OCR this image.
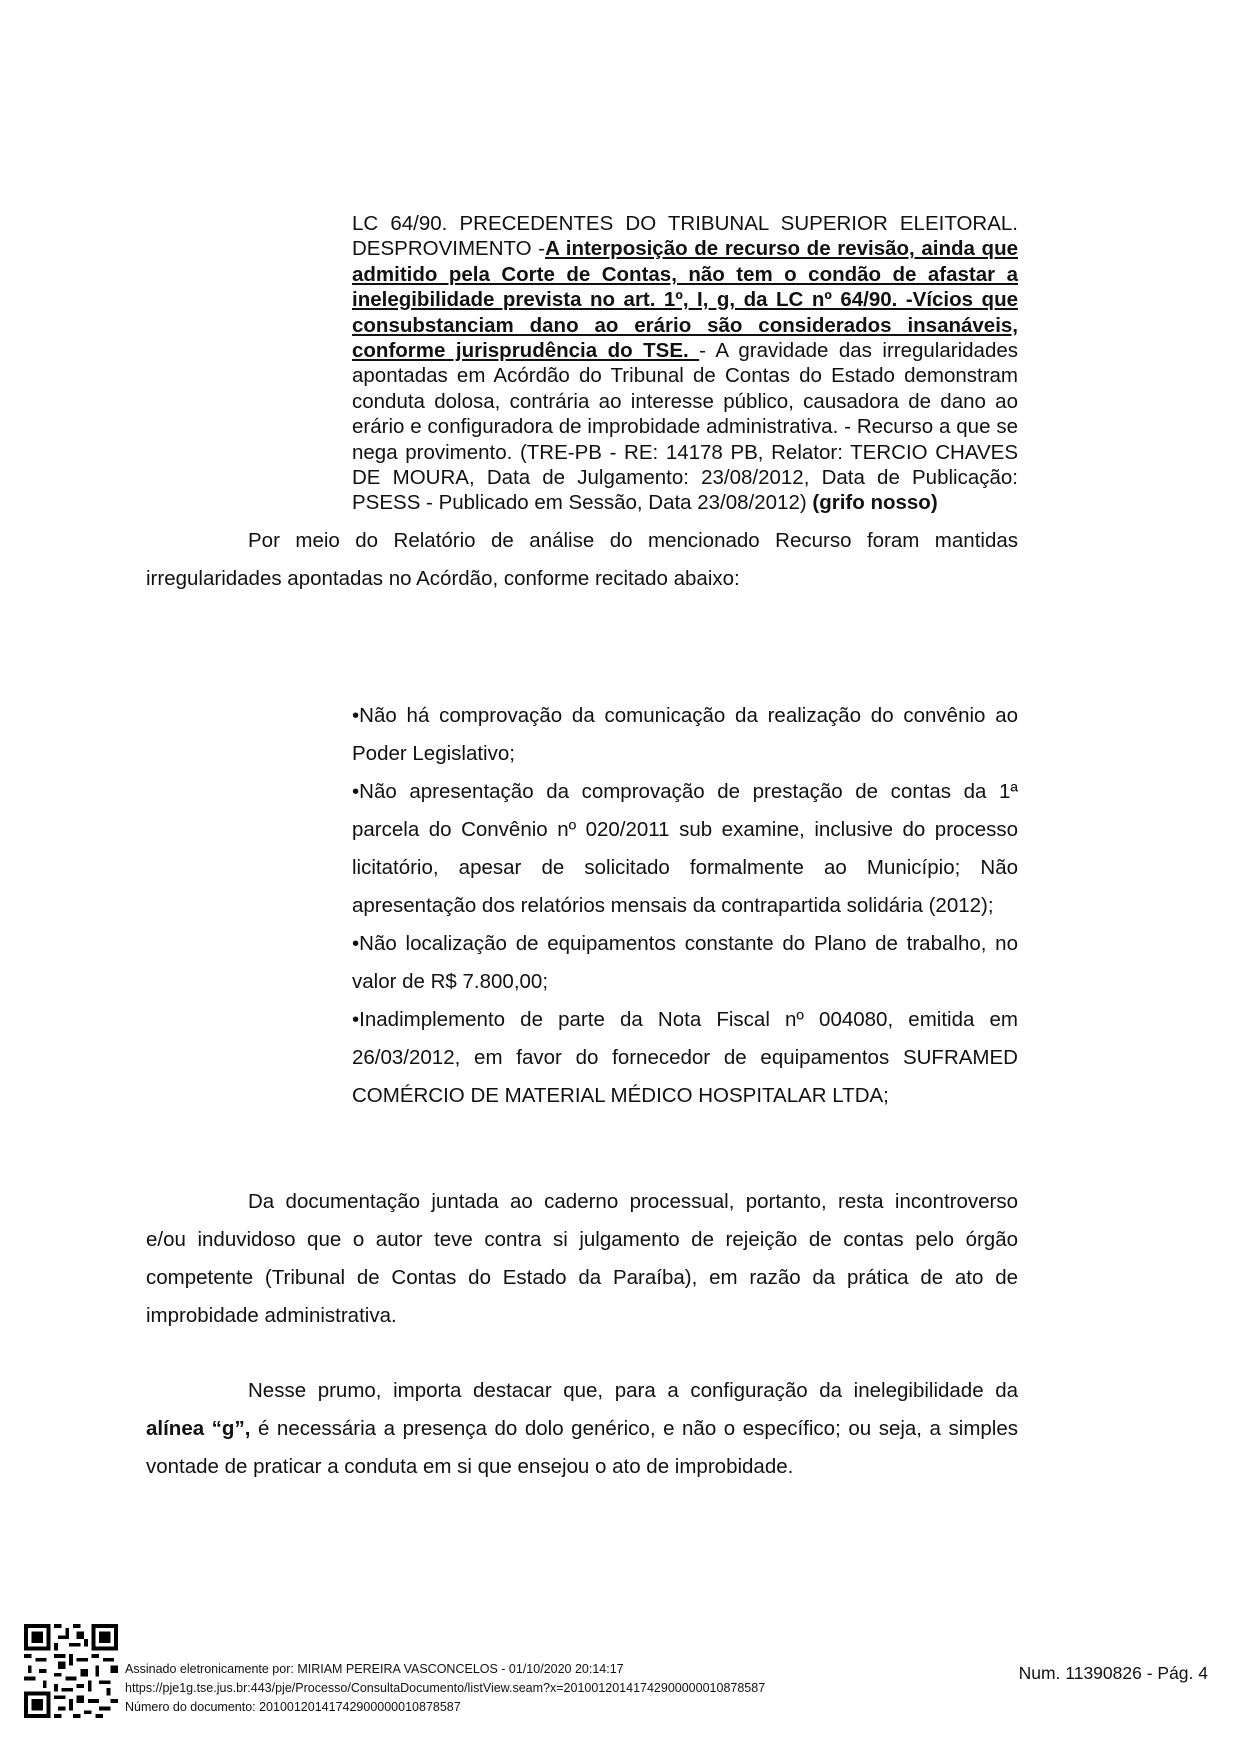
LC 64/90. PRECEDENTES DO TRIBUNAL SUPERIOR ELEITORAL. DESPROVIMENTO -A interposição de recurso de revisão, ainda que admitido pela Corte de Contas, não tem o condão de afastar a inelegibilidade prevista no art. 1º, I, g, da LC nº 64/90. -Vícios que consubstanciam dano ao erário são considerados insanáveis, conforme jurisprudência do TSE. - A gravidade das irregularidades apontadas em Acórdão do Tribunal de Contas do Estado demonstram conduta dolosa, contrária ao interesse público, causadora de dano ao erário e configuradora de improbidade administrativa. - Recurso a que se nega provimento. (TRE-PB - RE: 14178 PB, Relator: TERCIO CHAVES DE MOURA, Data de Julgamento: 23/08/2012, Data de Publicação: PSESS - Publicado em Sessão, Data 23/08/2012) (grifo nosso)

Por meio do Relatório de análise do mencionado Recurso foram mantidas irregularidades apontadas no Acórdão, conforme recitado abaixo:

•Não há comprovação da comunicação da realização do convênio ao Poder Legislativo;
•Não apresentação da comprovação de prestação de contas da 1ª parcela do Convênio nº 020/2011 sub examine, inclusive do processo licitatório, apesar de solicitado formalmente ao Município; Não apresentação dos relatórios mensais da contrapartida solidária (2012);
•Não localização de equipamentos constante do Plano de trabalho, no valor de R$ 7.800,00;
•Inadimplemento de parte da Nota Fiscal nº 004080, emitida em 26/03/2012, em favor do fornecedor de equipamentos SUFRAMED COMÉRCIO DE MATERIAL MÉDICO HOSPITALAR LTDA;

Da documentação juntada ao caderno processual, portanto, resta incontroverso e/ou induvidoso que o autor teve contra si julgamento de rejeição de contas pelo órgão competente (Tribunal de Contas do Estado da Paraíba), em razão da prática de ato de improbidade administrativa.

Nesse prumo, importa destacar que, para a configuração da inelegibilidade da alínea “g”, é necessária a presença do dolo genérico, e não o específico; ou seja, a simples vontade de praticar a conduta em si que ensejou o ato de improbidade.

Assinado eletronicamente por: MIRIAM PEREIRA VASCONCELOS - 01/10/2020 20:14:17
https://pje1g.tse.jus.br:443/pje/Processo/ConsultaDocumento/listView.seam?x=20100120141742900000010878587
Número do documento: 20100120141742900000010878587
Num. 11390826 - Pág. 4
